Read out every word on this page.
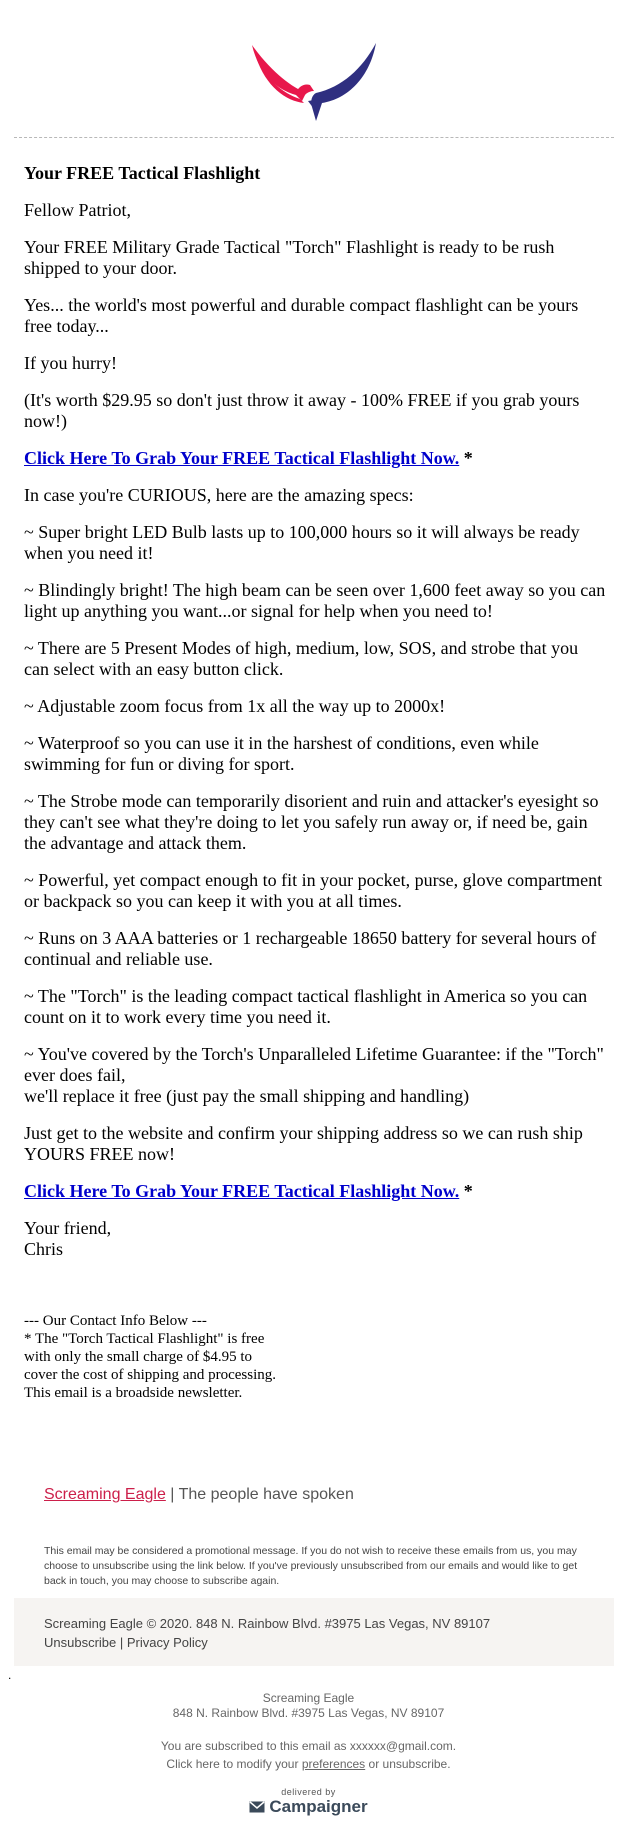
Your FREE Tactical Flashlight

Fellow Patriot,

Your FREE Military Grade Tactical "Torch" Flashlight is ready to be rush shipped to your door.

Yes... the world's most powerful and durable compact flashlight can be yours free today...

If you hurry!

(It's worth $29.95 so don't just throw it away - 100% FREE if you grab yours now!)

Click Here To Grab Your FREE Tactical Flashlight Now. *

In case you're CURIOUS, here are the amazing specs:

~ Super bright LED Bulb lasts up to 100,000 hours so it will always be ready when you need it!

~ Blindingly bright! The high beam can be seen over 1,600 feet away so you can light up anything you want...or signal for help when you need to!

~ There are 5 Present Modes of high, medium, low, SOS, and strobe that you can select with an easy button click.

~ Adjustable zoom focus from 1x all the way up to 2000x!

~ Waterproof so you can use it in the harshest of conditions, even while swimming for fun or diving for sport.

~ The Strobe mode can temporarily disorient and ruin and attacker's eyesight so they can't see what they're doing to let you safely run away or, if need be, gain the advantage and attack them.

~ Powerful, yet compact enough to fit in your pocket, purse, glove compartment or backpack so you can keep it with you at all times.

~ Runs on 3 AAA batteries or 1 rechargeable 18650 battery for several hours of continual and reliable use.

~ The "Torch" is the leading compact tactical flashlight in America so you can count on it to work every time you need it.

~ You've covered by the Torch's Unparalleled Lifetime Guarantee: if the "Torch" ever does fail,
we'll replace it free (just pay the small shipping and handling)

Just get to the website and confirm your shipping address so we can rush ship YOURS FREE now!

Click Here To Grab Your FREE Tactical Flashlight Now. *

Your friend,
Chris

--- Our Contact Info Below ---
* The "Torch Tactical Flashlight" is free
with only the small charge of $4.95 to
cover the cost of shipping and processing.
This email is a broadside newsletter.
Screaming Eagle | The people have spoken
This email may be considered a promotional message. If you do not wish to receive these emails from us, you may choose to unsubscribe using the link below. If you've previously unsubscribed from our emails and would like to get back in touch, you may choose to subscribe again.
Screaming Eagle © 2020. 848 N. Rainbow Blvd. #3975 Las Vegas, NV 89107
Unsubscribe | Privacy Policy
.
Screaming Eagle
848 N. Rainbow Blvd. #3975 Las Vegas, NV 89107
You are subscribed to this email as xxxxxx@gmail.com.
Click here to modify your preferences or unsubscribe.
delivered by
Campaigner
